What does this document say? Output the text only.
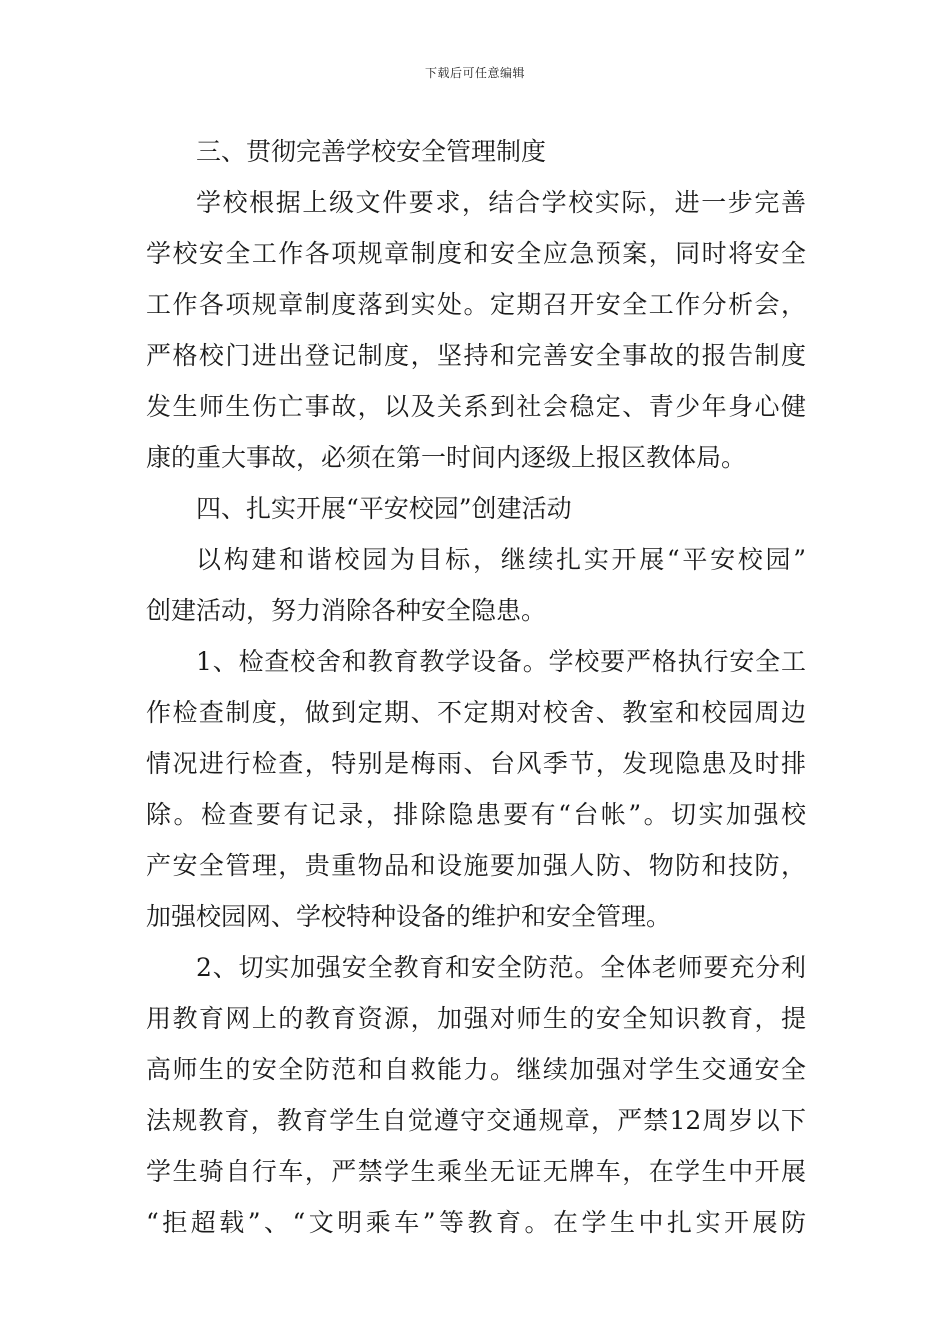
下载后可任意编辑
三、贯彻完善学校安全管理制度
学校根据上级文件要求，结合学校实际，进一步完善
学校安全工作各项规章制度和安全应急预案，同时将安全
工作各项规章制度落到实处。定期召开安全工作分析会，
严格校门进出登记制度，坚持和完善安全事故的报告制度
发生师生伤亡事故，以及关系到社会稳定、青少年身心健
康的重大事故，必须在第一时间内逐级上报区教体局。
四、扎实开展“平安校园”创建活动
以构建和谐校园为目标，继续扎实开展“平安校园”
创建活动，努力消除各种安全隐患。
1、检查校舍和教育教学设备。学校要严格执行安全工
作检查制度，做到定期、不定期对校舍、教室和校园周边
情况进行检查，特别是梅雨、台风季节，发现隐患及时排
除。检查要有记录，排除隐患要有“台帐”。切实加强校
产安全管理，贵重物品和设施要加强人防、物防和技防，
加强校园网、学校特种设备的维护和安全管理。
2、切实加强安全教育和安全防范。全体老师要充分利
用教育网上的教育资源，加强对师生的安全知识教育，提
高师生的安全防范和自救能力。继续加强对学生交通安全
法规教育，教育学生自觉遵守交通规章，严禁12周岁以下
学生骑自行车，严禁学生乘坐无证无牌车，在学生中开展
“拒超载”、“文明乘车”等教育。在学生中扎实开展防
